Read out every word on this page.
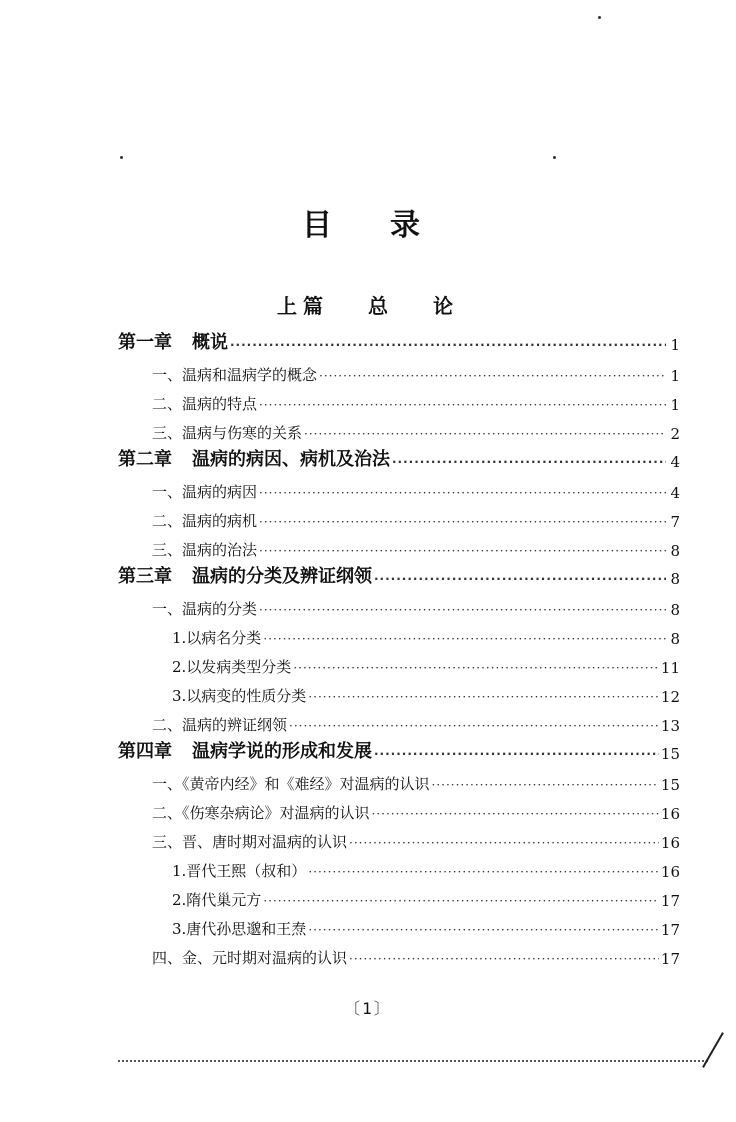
目录
上篇 总 论
第一章 概说 ·····	1
一、温病和温病学的概念 ·····	1
二、温病的特点 ·····	1
三、温病与伤寒的关系 ·····	2
第二章 温病的病因、病机及治法 ·····	4
一、温病的病因 ·····	4
二、温病的病机 ·····	7
三、温病的治法 ·····	8
第三章 温病的分类及辨证纲领 ·····	8
一、温病的分类 ·····	8
1.以病名分类 ·····	8
2.以发病类型分类 ·····	11
3.以病变的性质分类 ·····	12
二、温病的辨证纲领 ·····	13
第四章 温病学说的形成和发展 ·····	15
一、《黄帝内经》和《难经》对温病的认识 ·····	15
二、《伤寒杂病论》对温病的认识 ·····	16
三、晋、唐时期对温病的认识 ·····	16
1.晋代王熙（叔和） ·····	16
2.隋代巢元方 ·····	17
3.唐代孙思邈和王焘 ·····	17
四、金、元时期对温病的认识 ·····	17
〔1〕
